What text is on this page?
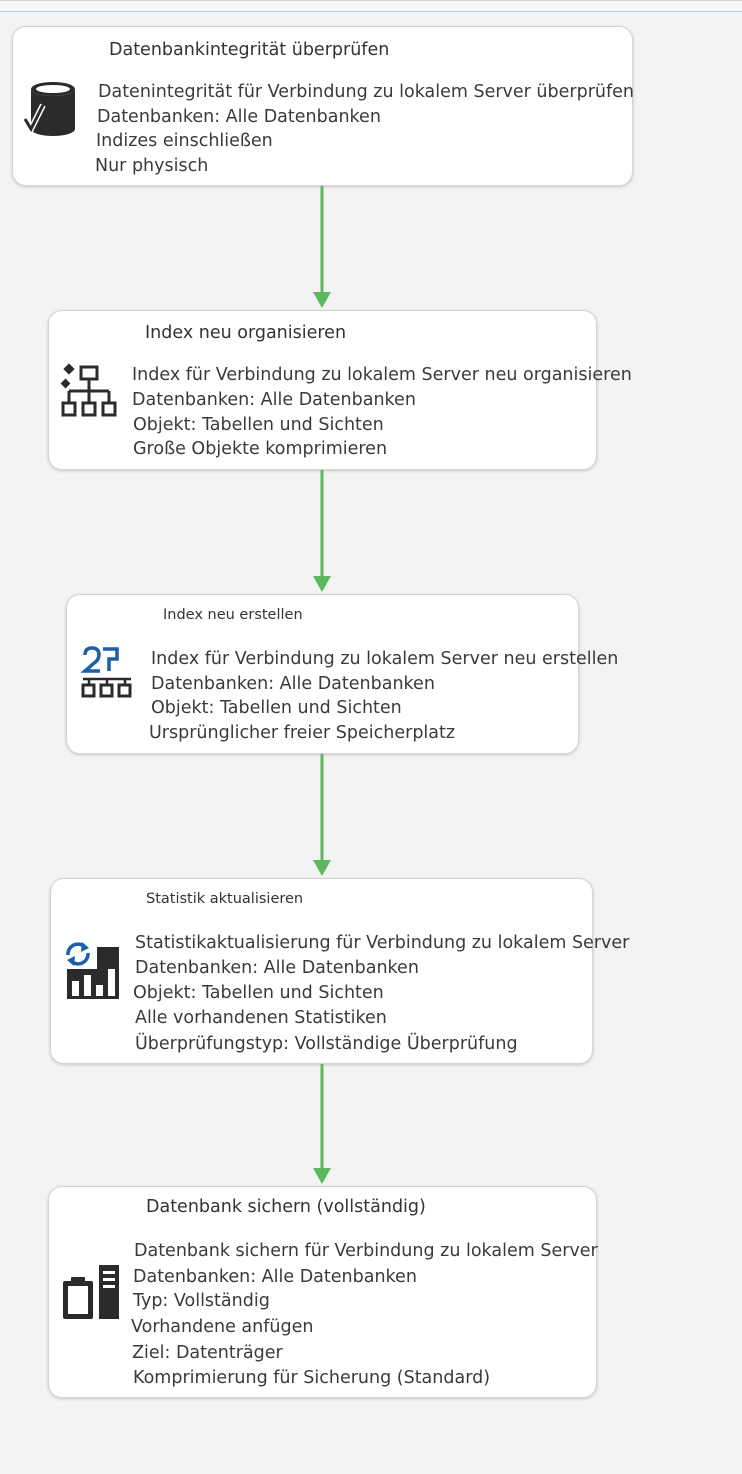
Datenbankintegrität überprüfen
Datenintegrität für Verbindung zu lokalem Server überprüfen
Datenbanken: Alle Datenbanken
Indizes einschließen
Nur physisch
Index neu organisieren
Index für Verbindung zu lokalem Server neu organisieren
Datenbanken: Alle Datenbanken
Objekt: Tabellen und Sichten
Große Objekte komprimieren
Index neu erstellen
Index für Verbindung zu lokalem Server neu erstellen
Datenbanken: Alle Datenbanken
Objekt: Tabellen und Sichten
Ursprünglicher freier Speicherplatz
Statistik aktualisieren
Statistikaktualisierung für Verbindung zu lokalem Server
Datenbanken: Alle Datenbanken
Objekt: Tabellen und Sichten
Alle vorhandenen Statistiken
Überprüfungstyp: Vollständige Überprüfung
Datenbank sichern (vollständig)
Datenbank sichern für Verbindung zu lokalem Server
Datenbanken: Alle Datenbanken
Typ: Vollständig
Vorhandene anfügen
Ziel: Datenträger
Komprimierung für Sicherung (Standard)
